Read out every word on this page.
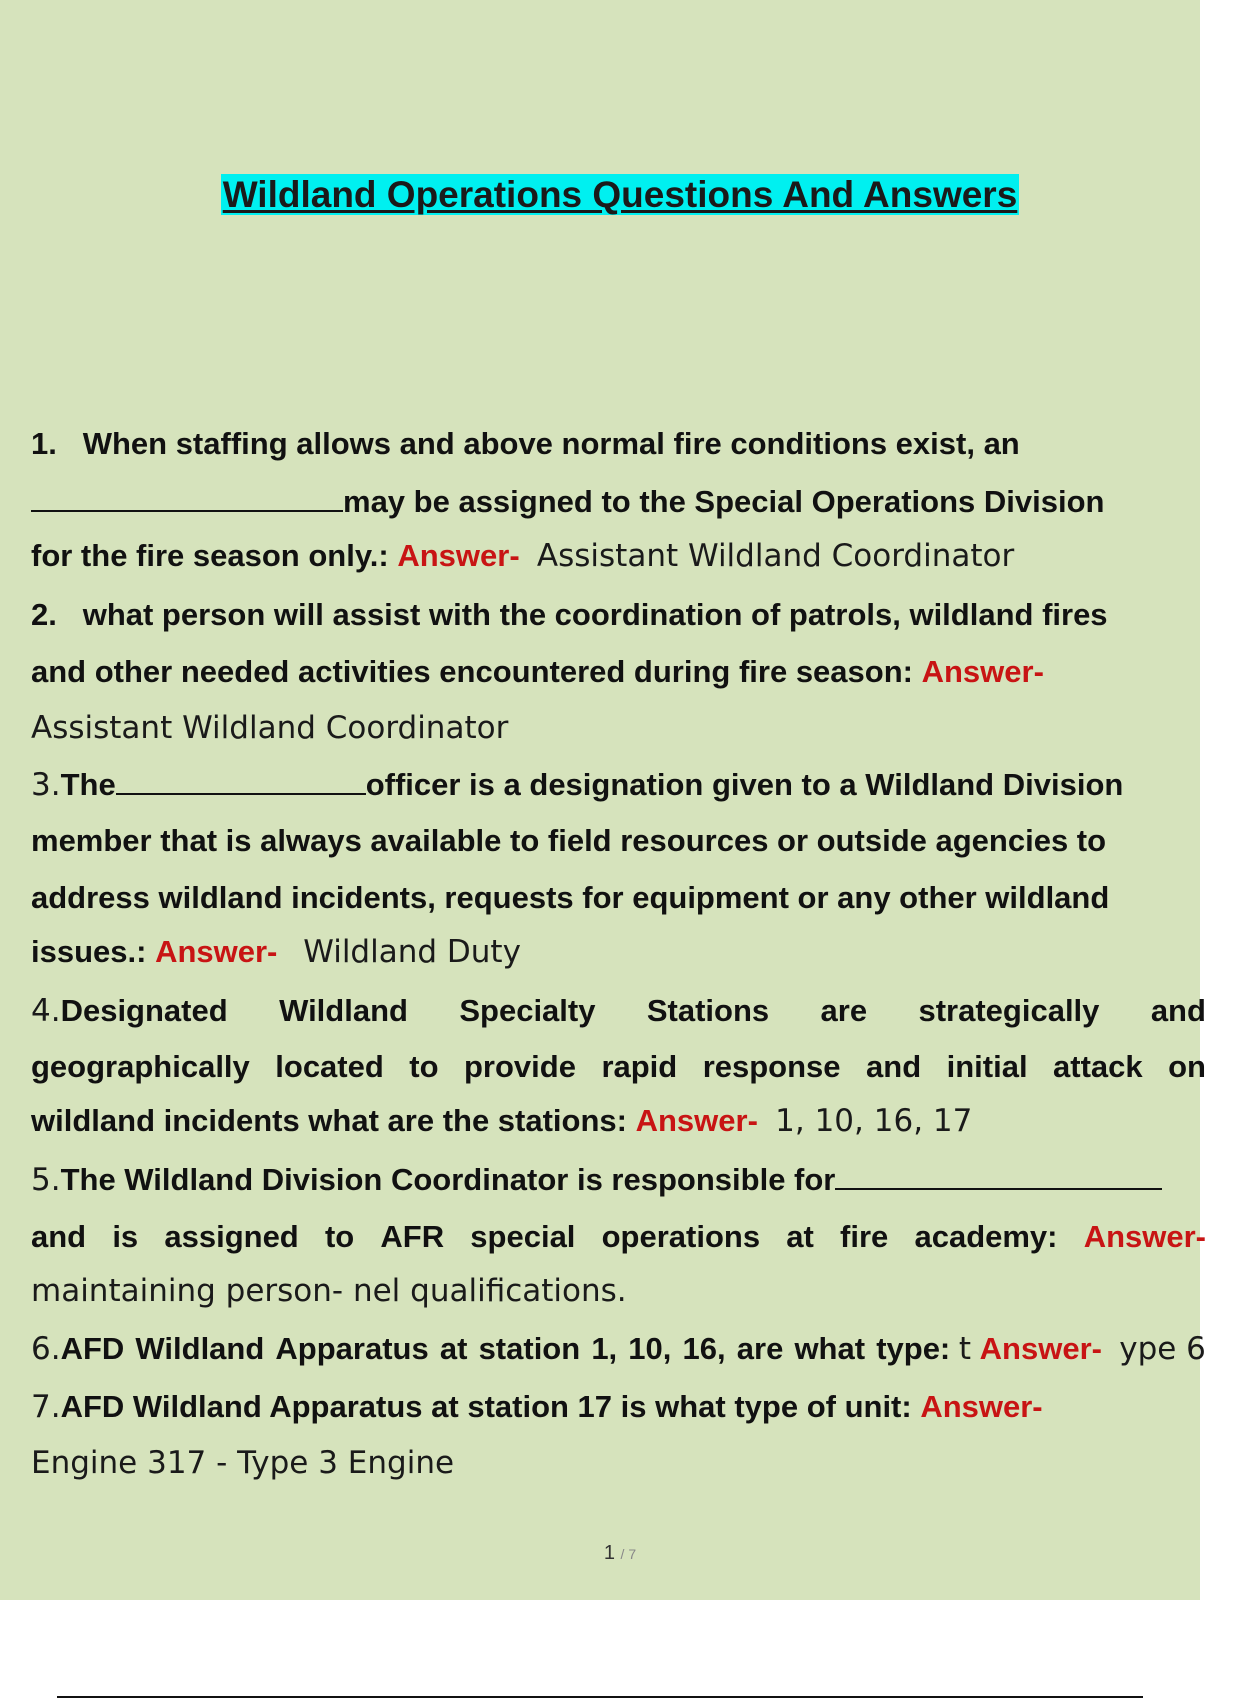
Wildland Operations Questions And Answers
1. When staffing allows and above normal fire conditions exist, an
may be assigned to the Special Operations Division
for the fire season only.: Answer- Assistant Wildland Coordinator
2. what person will assist with the coordination of patrols, wildland fires
and other needed activities encountered during fire season: Answer-
Assistant Wildland Coordinator
3.The	officer is a designation given to a Wildland Division
member that is always available to field resources or outside agencies to
address wildland incidents, requests for equipment or any other wildland
issues.: Answer- Wildland Duty
4.Designated Wildland Specialty Stations are strategically and
geographically located to provide rapid response and initial attack on
wildland incidents what are the stations: Answer- 1, 10, 16, 17
5.The Wildland Division Coordinator is responsible for
and is assigned to AFR special operations at fire academy: Answer-
maintaining person- nel qualifications.
6.AFD Wildland Apparatus at station 1, 10, 16, are what type: t Answer- ype 6
7.AFD Wildland Apparatus at station 17 is what type of unit: Answer-
Engine 317 - Type 3 Engine
1 / 7
